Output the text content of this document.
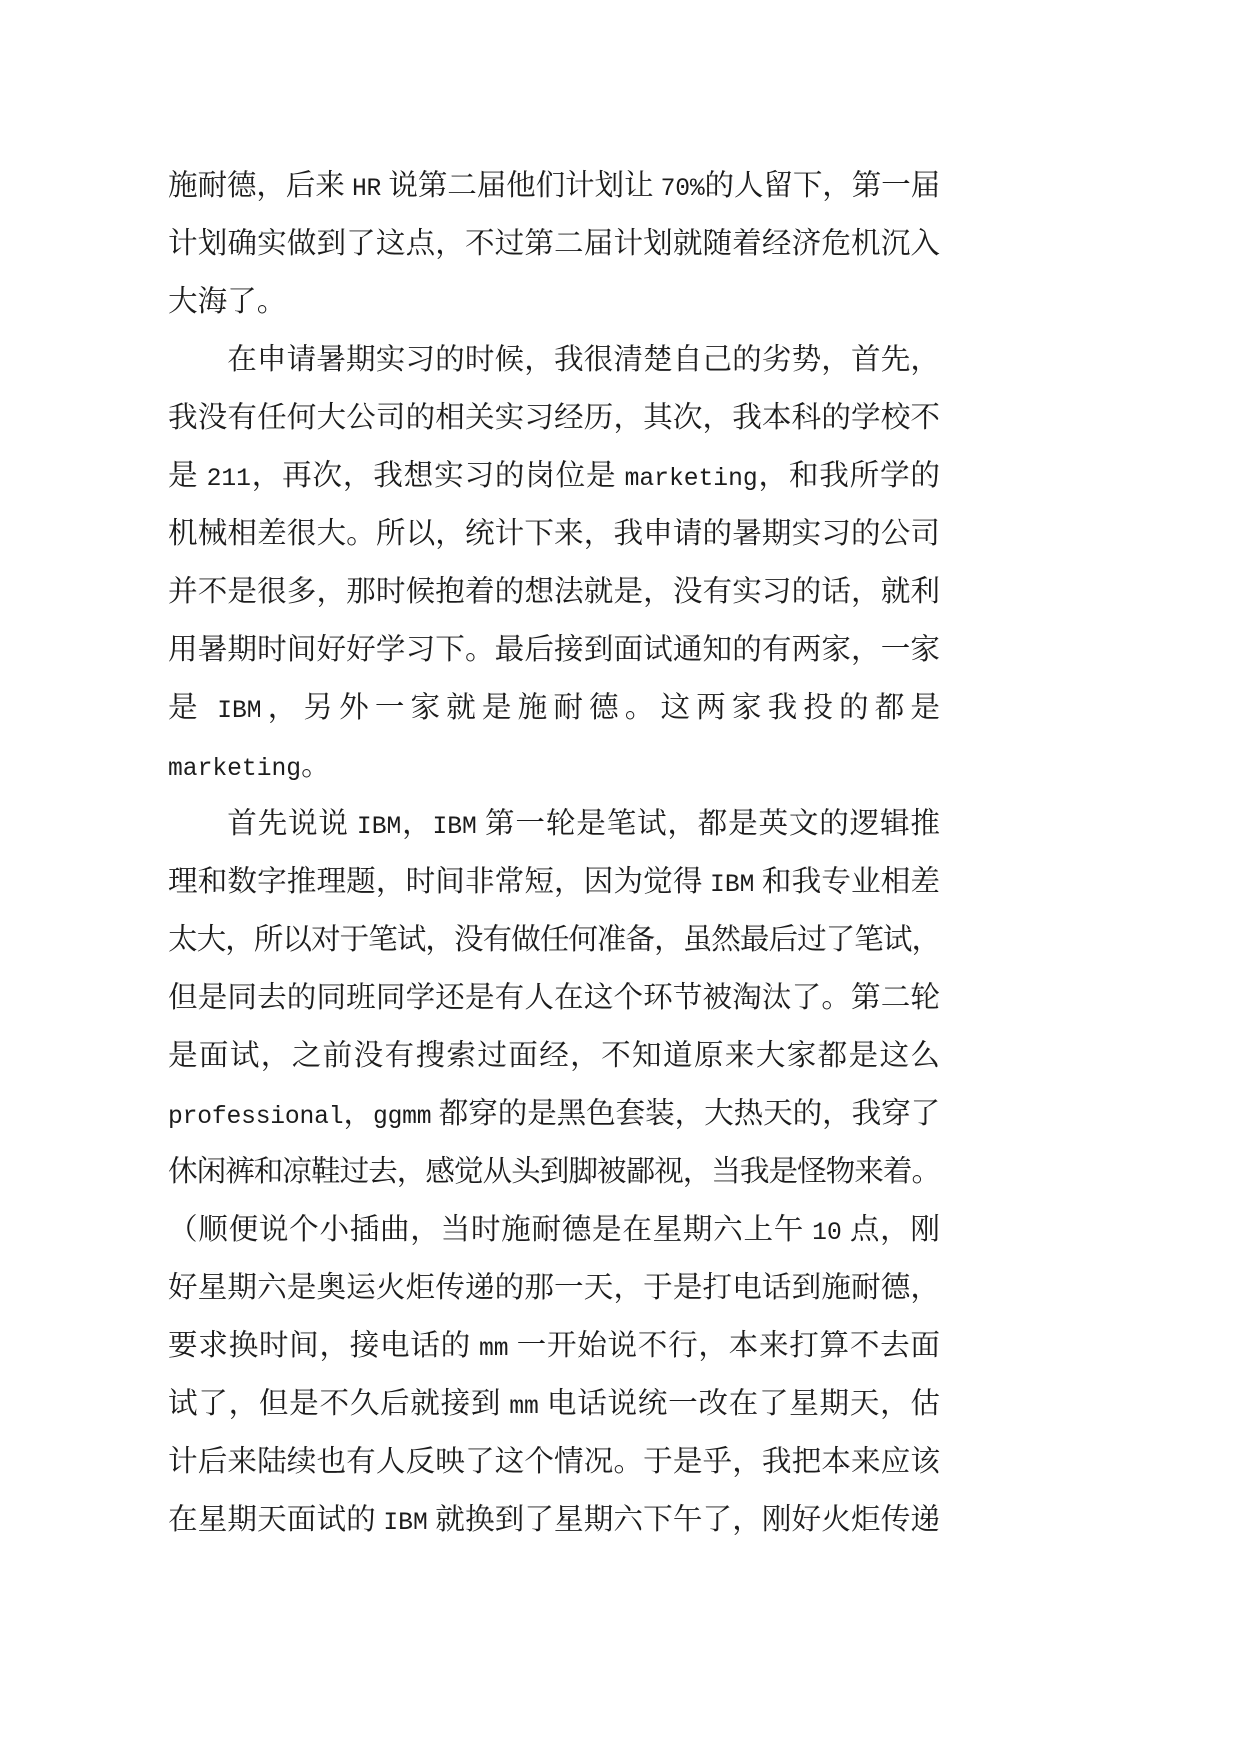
施耐德，后来 HR 说第二届他们计划让 70%的人留下，第一届
计划确实做到了这点，不过第二届计划就随着经济危机沉入
大海了。
在申请暑期实习的时候，我很清楚自己的劣势，首先，
我没有任何大公司的相关实习经历，其次，我本科的学校不
是 211，再次，我想实习的岗位是 marketing，和我所学的
机械相差很大。所以，统计下来，我申请的暑期实习的公司
并不是很多，那时候抱着的想法就是，没有实习的话，就利
用暑期时间好好学习下。最后接到面试通知的有两家，一家
是 IBM，另外一家就是施耐德。这两家我投的都是
marketing。
首先说说 IBM，IBM 第一轮是笔试，都是英文的逻辑推
理和数字推理题，时间非常短，因为觉得 IBM 和我专业相差
太大，所以对于笔试，没有做任何准备，虽然最后过了笔试，
但是同去的同班同学还是有人在这个环节被淘汰了。第二轮
是面试，之前没有搜索过面经，不知道原来大家都是这么
professional，ggmm 都穿的是黑色套装，大热天的，我穿了
休闲裤和凉鞋过去，感觉从头到脚被鄙视，当我是怪物来着。
（顺便说个小插曲，当时施耐德是在星期六上午 10 点，刚
好星期六是奥运火炬传递的那一天，于是打电话到施耐德，
要求换时间，接电话的 mm 一开始说不行，本来打算不去面
试了，但是不久后就接到 mm 电话说统一改在了星期天，估
计后来陆续也有人反映了这个情况。于是乎，我把本来应该
在星期天面试的 IBM 就换到了星期六下午了，刚好火炬传递
